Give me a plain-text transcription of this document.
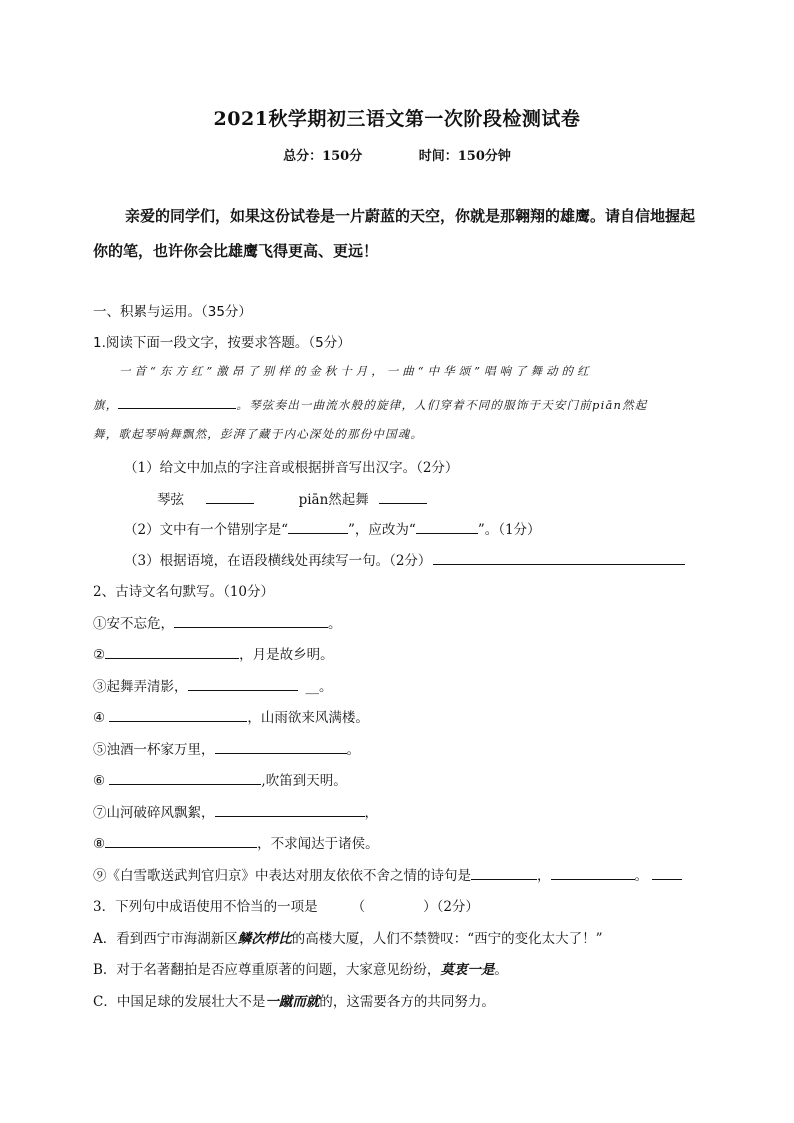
2021秋学期初三语文第一次阶段检测试卷
总分：150分	时间：150分钟
亲爱的同学们，如果这份试卷是一片蔚蓝的天空，你就是那翱翔的雄鹰。请自信地握起你的笔，也许你会比雄鹰飞得更高、更远！
一、积累与运用。（35分）
1.阅读下面一段文字，按要求答题。（5分）
一首“东方红”激昂了别样的金秋十月，一曲“中华颂”唱响了舞动的红
旗，	。琴弦奏出一曲流水般的旋律，人们穿着不同的服饰于天安门前piān然起
舞，歌起琴响舞飘然，彭湃了藏于内心深处的那份中国魂。
（1）给文中加点的字注音或根据拼音写出汉字。（2分）
琴弦	piān然起舞
（2）文中有一个错别字是“	”，应改为“	”。（1分）
（3）根据语境，在语段横线处再续写一句。（2分）
2、古诗文名句默写。（10分）
①安不忘危，	。
②	，月是故乡明。
③起舞弄清影，	__。
④	，山雨欲来风满楼。
⑤浊酒一杯家万里，	。
⑥	,吹笛到天明。
⑦山河破碎风飘絮，	，
⑧	，不求闻达于诸侯。
⑨《白雪歌送武判官归京》中表达对朋友依依不舍之情的诗句是	，	。
3．下列句中成语使用不恰当的一项是	（	）（2分）
A．看到西宁市海湖新区鳞次栉比的高楼大厦，人们不禁赞叹：“西宁的变化太大了！”
B．对于名著翻拍是否应尊重原著的问题，大家意见纷纷，莫衷一是。
C．中国足球的发展壮大不是一蹴而就的，这需要各方的共同努力。
